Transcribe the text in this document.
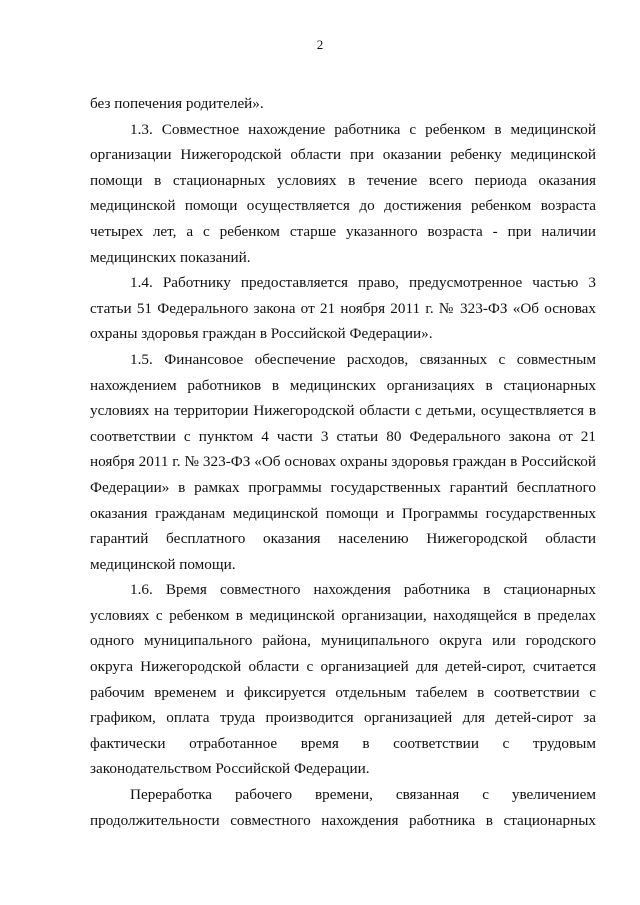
2

без попечения родителей».

1.3. Совместное нахождение работника с ребенком в медицинской организации Нижегородской области при оказании ребенку медицинской помощи в стационарных условиях в течение всего периода оказания медицинской помощи осуществляется до достижения ребенком возраста четырех лет, а с ребенком старше указанного возраста - при наличии медицинских показаний.

1.4. Работнику предоставляется право, предусмотренное частью 3 статьи 51 Федерального закона от 21 ноября 2011 г. № 323-ФЗ «Об основах охраны здоровья граждан в Российской Федерации».

1.5. Финансовое обеспечение расходов, связанных с совместным нахождением работников в медицинских организациях в стационарных условиях на территории Нижегородской области с детьми, осуществляется в соответствии с пунктом 4 части 3 статьи 80 Федерального закона от 21 ноября 2011 г. № 323-ФЗ «Об основах охраны здоровья граждан в Российской Федерации» в рамках программы государственных гарантий бесплатного оказания гражданам медицинской помощи и Программы государственных гарантий бесплатного оказания населению Нижегородской области медицинской помощи.

1.6. Время совместного нахождения работника в стационарных условиях с ребенком в медицинской организации, находящейся в пределах одного муниципального района, муниципального округа или городского округа Нижегородской области с организацией для детей-сирот, считается рабочим временем и фиксируется отдельным табелем в соответствии с графиком, оплата труда производится организацией для детей-сирот за фактически отработанное время в соответствии с трудовым законодательством Российской Федерации.

Переработка рабочего времени, связанная с увеличением продолжительности совместного нахождения работника в стационарных
